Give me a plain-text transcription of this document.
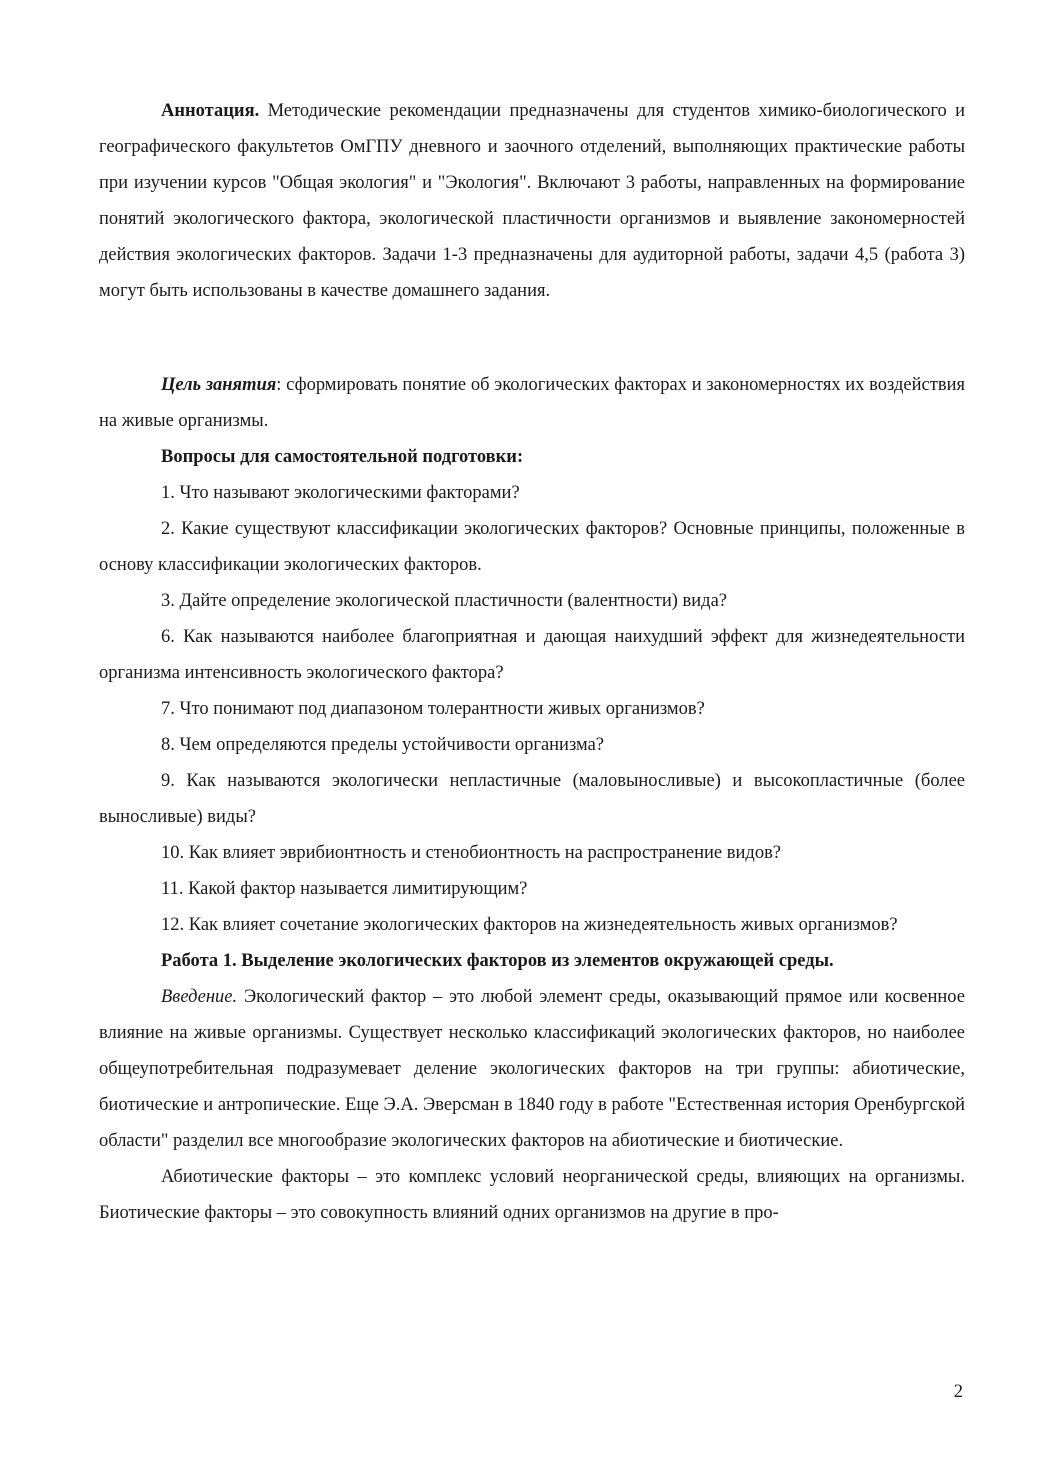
Аннотация. Методические рекомендации предназначены для студентов химико-биологического и географического факультетов ОмГПУ дневного и заочного отделений, выполняющих практические работы при изучении курсов "Общая экология" и "Экология". Включают 3 работы, направленных на формирование понятий экологического фактора, экологической пластичности организмов и выявление закономерностей действия экологических факторов. Задачи 1-3 предназначены для аудиторной работы, задачи 4,5 (работа 3) могут быть использованы в качестве домашнего задания.

Цель занятия: сформировать понятие об экологических факторах и закономерностях их воздействия на живые организмы.

Вопросы для самостоятельной подготовки:

1. Что называют экологическими факторами?

2. Какие существуют классификации экологических факторов? Основные принципы, положенные в основу классификации экологических факторов.

3. Дайте определение экологической пластичности (валентности) вида?

6. Как называются наиболее благоприятная и дающая наихудший эффект для жизнедеятельности организма интенсивность экологического фактора?

7. Что понимают под диапазоном толерантности живых организмов?

8. Чем определяются пределы устойчивости организма?

9. Как называются экологически непластичные (маловыносливые) и высокопластичные (более выносливые) виды?

10. Как влияет эврибионтность и стенобионтность на распространение видов?

11. Какой фактор называется лимитирующим?

12. Как влияет сочетание экологических факторов на жизнедеятельность живых организмов?

Работа 1. Выделение экологических факторов из элементов окружающей среды.

Введение. Экологический фактор – это любой элемент среды, оказывающий прямое или косвенное влияние на живые организмы. Существует несколько классификаций экологических факторов, но наиболее общеупотребительная подразумевает деление экологических факторов на три группы: абиотические, биотические и антропические. Еще Э.А. Эверсман в 1840 году в работе "Естественная история Оренбургской области" разделил все многообразие экологических факторов на абиотические и биотические.

Абиотические факторы – это комплекс условий неорганической среды, влияющих на организмы. Биотические факторы – это совокупность влияний одних организмов на другие в про-

2
